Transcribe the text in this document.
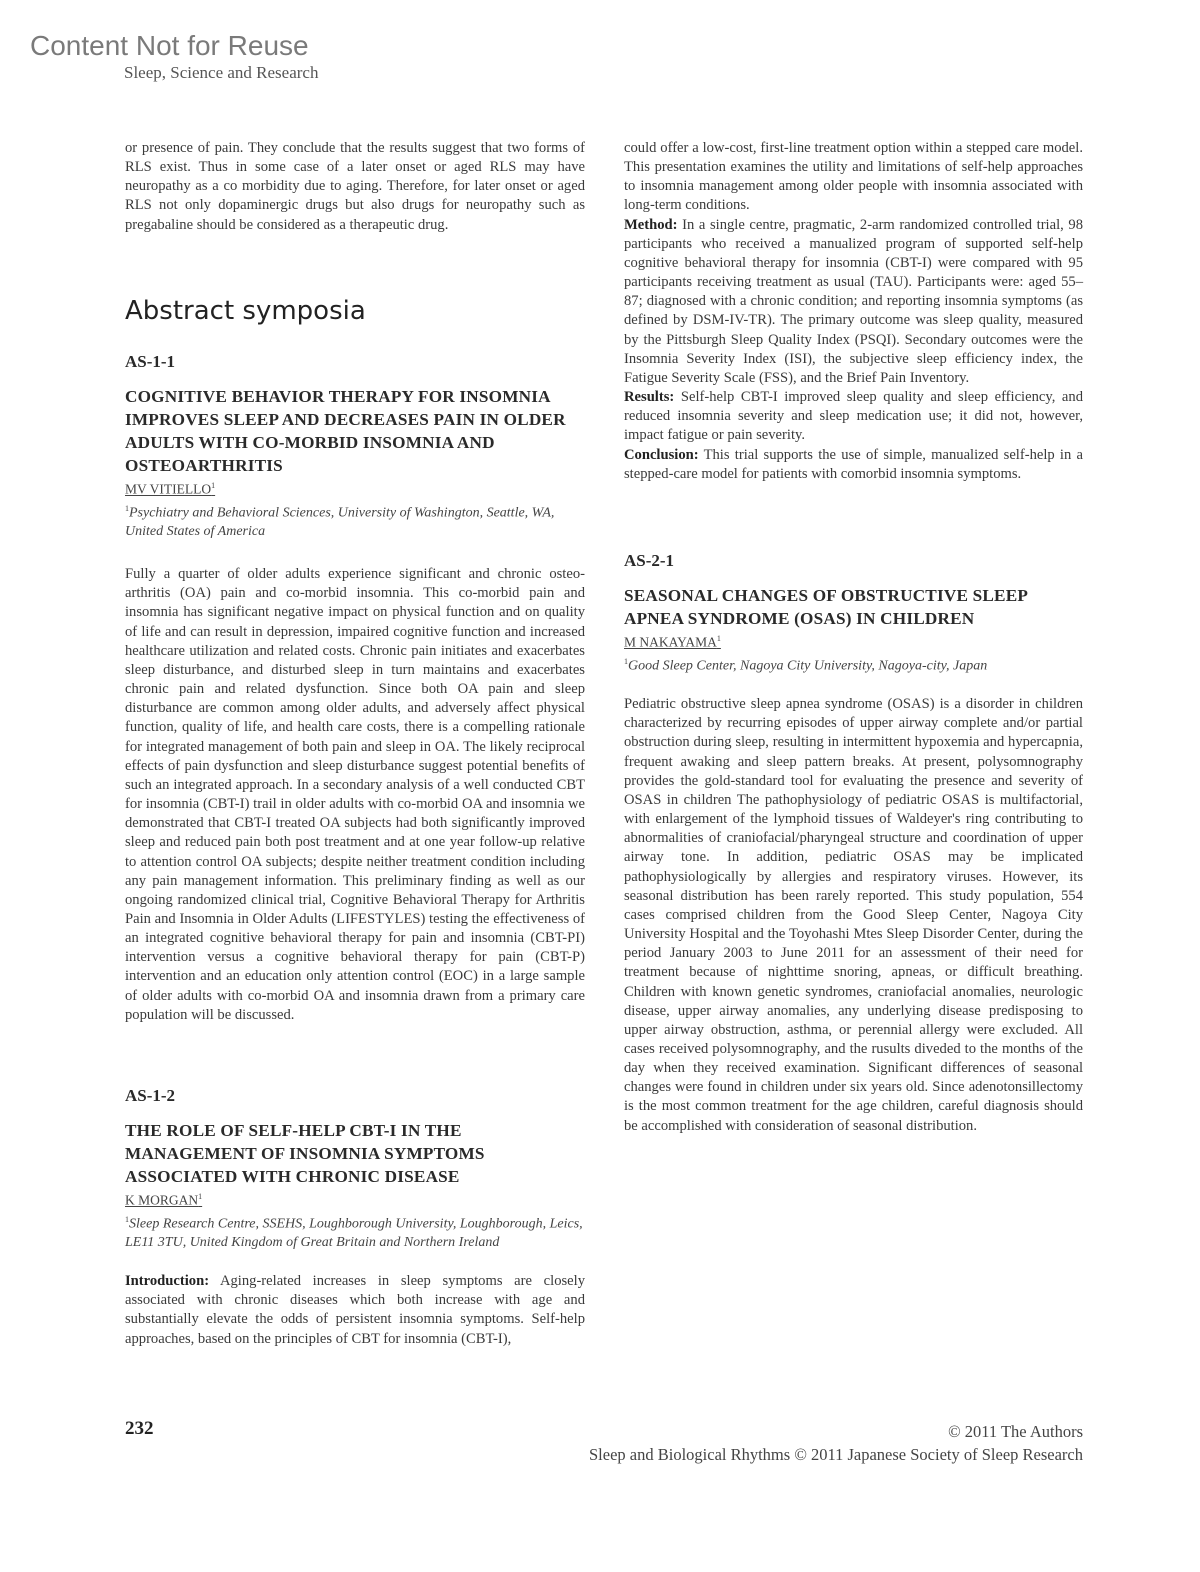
Content Not for Reuse
Sleep, Science and Research

or presence of pain. They conclude that the results suggest that two forms of RLS exist. Thus in some case of a later onset or aged RLS may have neuropathy as a co morbidity due to aging. Therefore, for later onset or aged RLS not only dopaminergic drugs but also drugs for neuropathy such as pregabaline should be considered as a therapeutic drug.

Abstract symposia
AS-1-1
COGNITIVE BEHAVIOR THERAPY FOR INSOMNIA IMPROVES SLEEP AND DECREASES PAIN IN OLDER ADULTS WITH CO-MORBID INSOMNIA AND OSTEOARTHRITIS
MV VITIELLO$^1$
$^1$Psychiatry and Behavioral Sciences, University of Washington, Seattle, WA, United States of America

Fully a quarter of older adults experience significant and chronic osteo-arthritis (OA) pain and co-morbid insomnia. This co-morbid pain and insomnia has significant negative impact on physical function and on quality of life and can result in depression, impaired cognitive function and increased healthcare utilization and related costs. Chronic pain initiates and exacerbates sleep disturbance, and disturbed sleep in turn maintains and exacerbates chronic pain and related dysfunction. Since both OA pain and sleep disturbance are common among older adults, and adversely affect physical function, quality of life, and health care costs, there is a compelling rationale for integrated management of both pain and sleep in OA. The likely reciprocal effects of pain dysfunction and sleep disturbance suggest potential benefits of such an integrated approach. In a secondary analysis of a well conducted CBT for insomnia (CBT-I) trail in older adults with co-morbid OA and insomnia we demonstrated that CBT-I treated OA subjects had both significantly improved sleep and reduced pain both post treatment and at one year follow-up relative to attention control OA subjects; despite neither treatment condition including any pain management information. This preliminary finding as well as our ongoing randomized clinical trial, Cognitive Behavioral Therapy for Arthritis Pain and Insomnia in Older Adults (LIFESTYLES) testing the effectiveness of an integrated cognitive behavioral therapy for pain and insomnia (CBT-PI) intervention versus a cognitive behavioral therapy for pain (CBT-P) intervention and an education only attention control (EOC) in a large sample of older adults with co-morbid OA and insomnia drawn from a primary care population will be discussed.

AS-1-2
THE ROLE OF SELF-HELP CBT-I IN THE MANAGEMENT OF INSOMNIA SYMPTOMS ASSOCIATED WITH CHRONIC DISEASE
K MORGAN$^1$
$^1$Sleep Research Centre, SSEHS, Loughborough University, Loughborough, Leics, LE11 3TU, United Kingdom of Great Britain and Northern Ireland

Introduction: Aging-related increases in sleep symptoms are closely associated with chronic diseases which both increase with age and substantially elevate the odds of persistent insomnia symptoms. Self-help approaches, based on the principles of CBT for insomnia (CBT-I),

could offer a low-cost, first-line treatment option within a stepped care model. This presentation examines the utility and limitations of self-help approaches to insomnia management among older people with insomnia associated with long-term conditions.

Method: In a single centre, pragmatic, 2-arm randomized controlled trial, 98 participants who received a manualized program of supported self-help cognitive behavioral therapy for insomnia (CBT-I) were compared with 95 participants receiving treatment as usual (TAU). Participants were: aged 55–87; diagnosed with a chronic condition; and reporting insomnia symptoms (as defined by DSM-IV-TR). The primary outcome was sleep quality, measured by the Pittsburgh Sleep Quality Index (PSQI). Secondary outcomes were the Insomnia Severity Index (ISI), the subjective sleep efficiency index, the Fatigue Severity Scale (FSS), and the Brief Pain Inventory.

Results: Self-help CBT-I improved sleep quality and sleep efficiency, and reduced insomnia severity and sleep medication use; it did not, however, impact fatigue or pain severity.

Conclusion: This trial supports the use of simple, manualized self-help in a stepped-care model for patients with comorbid insomnia symptoms.

AS-2-1
SEASONAL CHANGES OF OBSTRUCTIVE SLEEP APNEA SYNDROME (OSAS) IN CHILDREN
M NAKAYAMA$^1$
$^1$Good Sleep Center, Nagoya City University, Nagoya-city, Japan

Pediatric obstructive sleep apnea syndrome (OSAS) is a disorder in children characterized by recurring episodes of upper airway complete and/or partial obstruction during sleep, resulting in intermittent hypoxemia and hypercapnia, frequent awaking and sleep pattern breaks. At present, polysomnography provides the gold-standard tool for evaluating the presence and severity of OSAS in children The pathophysiology of pediatric OSAS is multifactorial, with enlargement of the lymphoid tissues of Waldeyer's ring contributing to abnormalities of craniofacial/pharyngeal structure and coordination of upper airway tone. In addition, pediatric OSAS may be implicated pathophysiologically by allergies and respiratory viruses. However, its seasonal distribution has been rarely reported. This study population, 554 cases comprised children from the Good Sleep Center, Nagoya City University Hospital and the Toyohashi Mtes Sleep Disorder Center, during the period January 2003 to June 2011 for an assessment of their need for treatment because of nighttime snoring, apneas, or difficult breathing. Children with known genetic syndromes, craniofacial anomalies, neurologic disease, upper airway anomalies, any underlying disease predisposing to upper airway obstruction, asthma, or perennial allergy were excluded. All cases received polysomnography, and the rusults diveded to the months of the day when they received examination. Significant differences of seasonal changes were found in children under six years old. Since adenotonsillectomy is the most common treatment for the age children, careful diagnosis should be accomplished with consideration of seasonal distribution.

232	© 2011 The Authors
Sleep and Biological Rhythms © 2011 Japanese Society of Sleep Research
